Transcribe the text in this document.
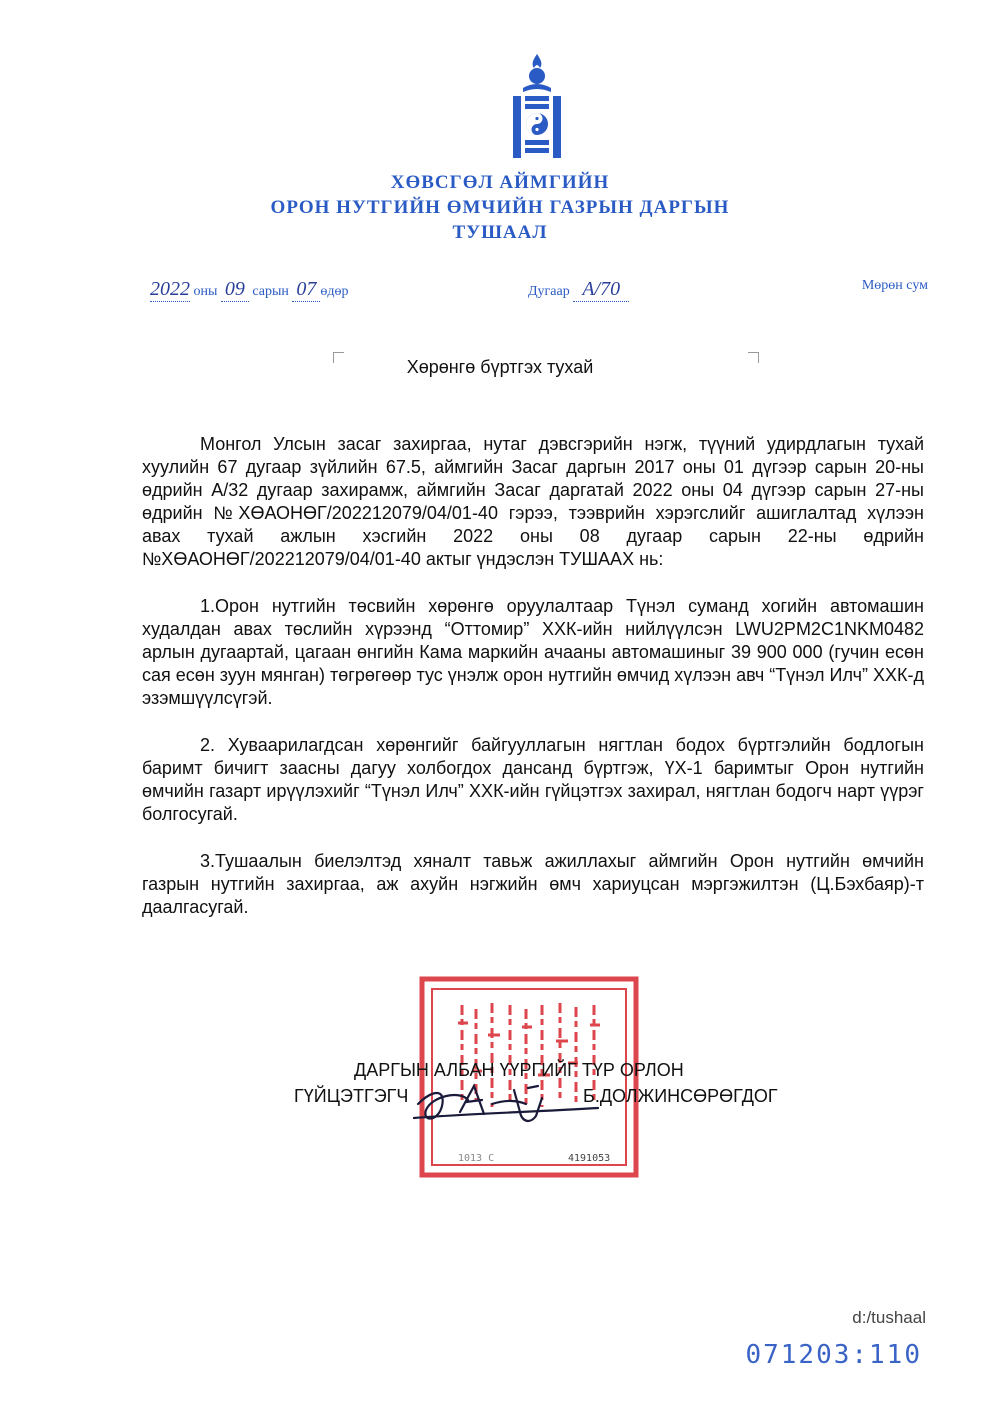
ХӨВСГӨЛ АЙМГИЙН
ОРОН НУТГИЙН ӨМЧИЙН ГАЗРЫН ДАРГЫН
ТУШААЛ
2022 оны 09 сарын 07 өдөр	Дугаар А/70	Мөрөн сум
Хөрөнгө бүртгэх тухай

Монгол Улсын засаг захиргаа, нутаг дэвсгэрийн нэгж, түүний удирдлагын тухай хуулийн 67 дугаар зүйлийн 67.5, аймгийн Засаг даргын 2017 оны 01 дүгээр сарын 20-ны өдрийн А/32 дугаар захирамж, аймгийн Засаг даргатай 2022 оны 04 дүгээр сарын 27-ны өдрийн №ХӨАОНӨГ/202212079/04/01-40 гэрээ, тээврийн хэрэгслийг ашиглалтад хүлээн авах тухай ажлын хэсгийн 2022 оны 08 дугаар сарын 22-ны өдрийн №ХӨАОНӨГ/202212079/04/01-40 актыг үндэслэн ТУШААХ нь:

1.Орон нутгийн төсвийн хөрөнгө оруулалтаар Түнэл суманд хогийн автомашин худалдан авах төслийн хүрээнд “Оттомир” ХХК-ийн нийлүүлсэн LWU2PM2C1NKM0482 арлын дугаартай, цагаан өнгийн Кама маркийн ачааны автомашиныг 39 900 000 (гучин есөн сая есөн зуун мянган) төгрөгөөр тус үнэлж орон нутгийн өмчид хүлээн авч “Түнэл Илч” ХХК-д эзэмшүүлсүгэй.

2. Хуваарилагдсан хөрөнгийг байгууллагын нягтлан бодох бүртгэлийн бодлогын баримт бичигт заасны дагуу холбогдох дансанд бүртгэж, ҮХ-1 баримтыг Орон нутгийн өмчийн газарт ирүүлэхийг “Түнэл Илч” ХХК-ийн гүйцэтгэх захирал, нягтлан бодогч нарт үүрэг болгосугай.

3.Тушаалын биелэлтэд хяналт тавьж ажиллахыг аймгийн Орон нутгийн өмчийн газрын нутгийн захиргаа, аж ахуйн нэгжийн өмч хариуцсан мэргэжилтэн (Ц.Бэхбаяр)-т даалгасугай.

1013 С	4191053
ДАРГЫН АЛБАН ҮҮРГИЙГ ТҮР ОРЛОН
ГҮЙЦЭТГЭГЧ	Б.ДОЛЖИНСӨРӨГДОГ
d:/tushaal
071203:110
